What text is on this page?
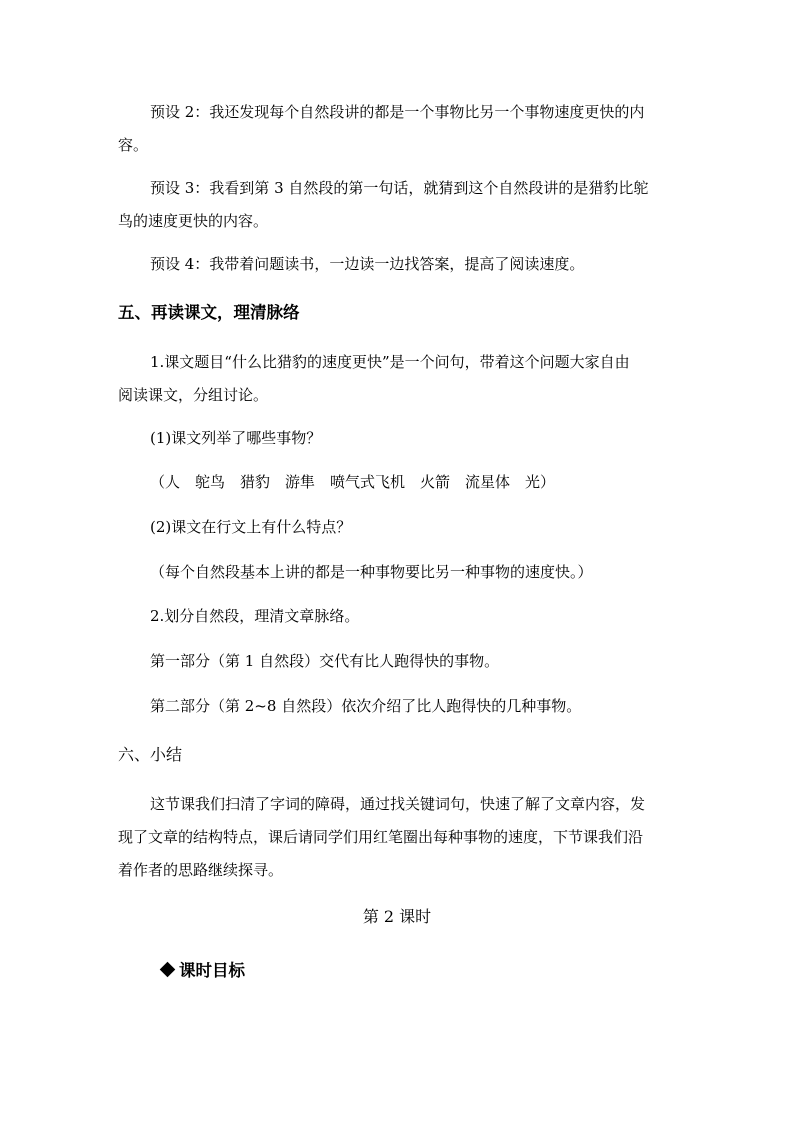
预设 2：我还发现每个自然段讲的都是一个事物比另一个事物速度更快的内
容。
预设 3：我看到第 3 自然段的第一句话，就猜到这个自然段讲的是猎豹比鸵
鸟的速度更快的内容。
预设 4：我带着问题读书，一边读一边找答案，提高了阅读速度。
五、再读课文，理清脉络
1.课文题目“什么比猎豹的速度更快”是一个问句，带着这个问题大家自由
阅读课文，分组讨论。
(1)课文列举了哪些事物？
（人　鸵鸟　猎豹　游隼　喷气式飞机　火箭　流星体　光）
(2)课文在行文上有什么特点？
（每个自然段基本上讲的都是一种事物要比另一种事物的速度快。）
2.划分自然段，理清文章脉络。
第一部分（第 1 自然段）交代有比人跑得快的事物。
第二部分（第 2~8 自然段）依次介绍了比人跑得快的几种事物。
六、小结
这节课我们扫清了字词的障碍，通过找关键词句，快速了解了文章内容，发
现了文章的结构特点，课后请同学们用红笔圈出每种事物的速度，下节课我们沿
着作者的思路继续探寻。
第 2 课时
课时目标
